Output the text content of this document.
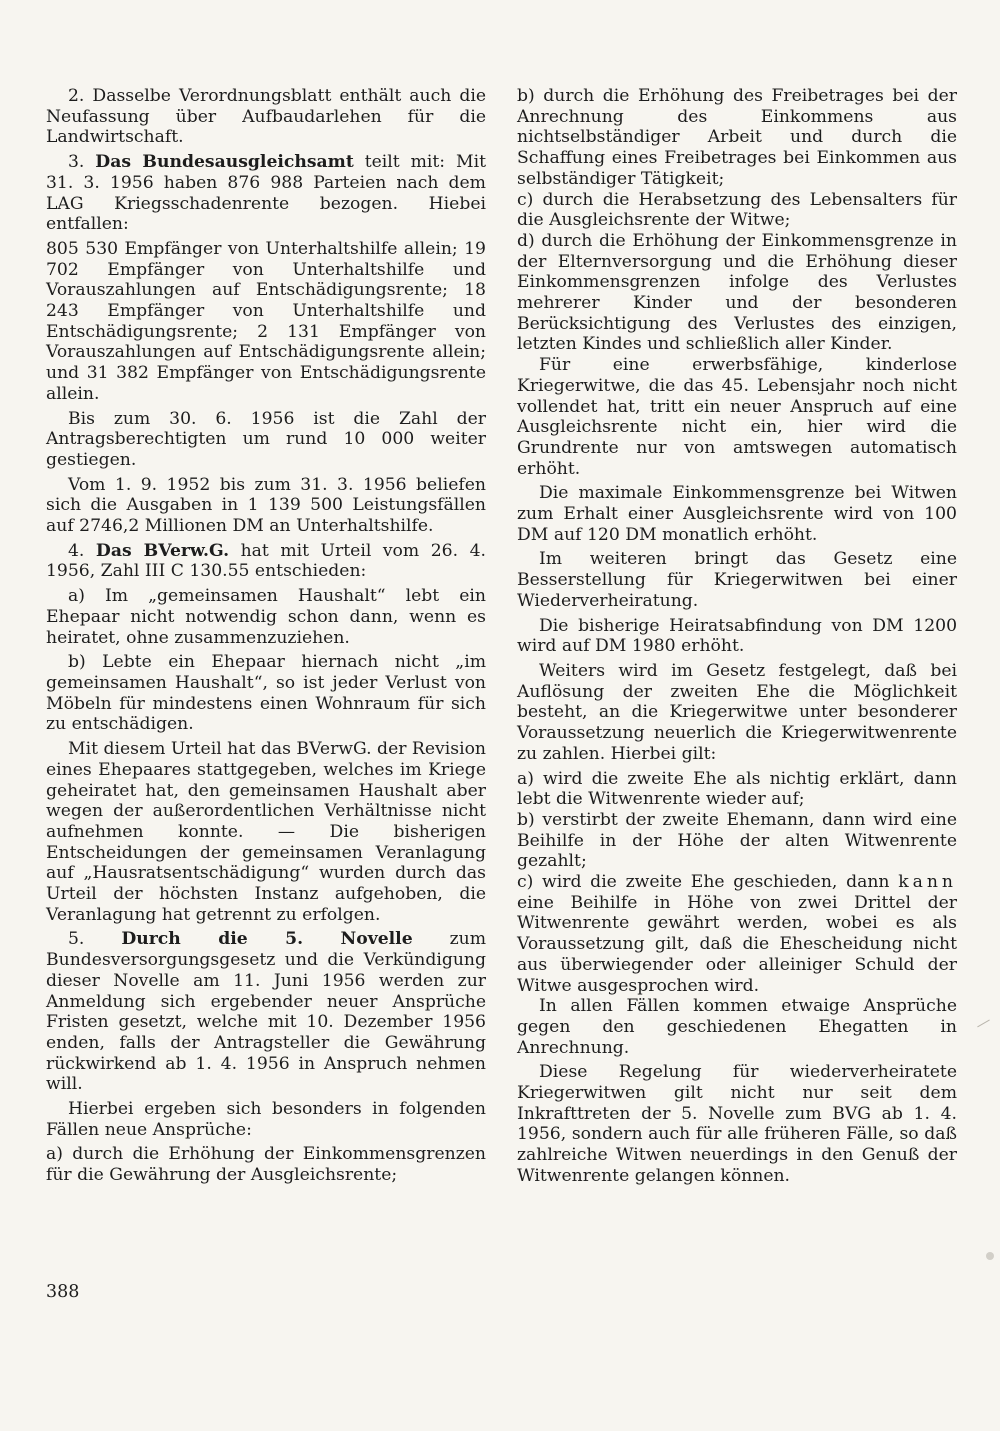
2. Dasselbe Verordnungsblatt enthält auch die Neufassung über Aufbaudarlehen für die Landwirtschaft.

3. Das Bundesausgleichsamt teilt mit: Mit 31. 3. 1956 haben 876 988 Parteien nach dem LAG Kriegsschadenrente bezogen. Hiebei entfallen:

805 530 Empfänger von Unterhaltshilfe allein; 19 702 Empfänger von Unterhaltshilfe und Vorauszahlungen auf Entschädigungsrente; 18 243 Empfänger von Unterhaltshilfe und Entschädigungsrente; 2 131 Empfänger von Vorauszahlungen auf Entschädigungsrente allein; und 31 382 Empfänger von Entschädigungsrente allein.

Bis zum 30. 6. 1956 ist die Zahl der Antragsberechtigten um rund 10 000 weiter gestiegen.

Vom 1. 9. 1952 bis zum 31. 3. 1956 beliefen sich die Ausgaben in 1 139 500 Leistungsfällen auf 2746,2 Millionen DM an Unterhaltshilfe.

4. Das BVerw.G. hat mit Urteil vom 26. 4. 1956, Zahl III C 130.55 entschieden:

a) Im „gemeinsamen Haushalt“ lebt ein Ehepaar nicht notwendig schon dann, wenn es heiratet, ohne zusammenzuziehen.

b) Lebte ein Ehepaar hiernach nicht „im gemeinsamen Haushalt“, so ist jeder Verlust von Möbeln für mindestens einen Wohnraum für sich zu entschädigen.

Mit diesem Urteil hat das BVerwG. der Revision eines Ehepaares stattgegeben, welches im Kriege geheiratet hat, den gemeinsamen Haushalt aber wegen der außerordentlichen Verhältnisse nicht aufnehmen konnte. — Die bisherigen Entscheidungen der gemeinsamen Veranlagung auf „Hausratsentschädigung“ wurden durch das Urteil der höchsten Instanz aufgehoben, die Veranlagung hat getrennt zu erfolgen.

5. Durch die 5. Novelle zum Bundesversorgungsgesetz und die Verkündigung dieser Novelle am 11. Juni 1956 werden zur Anmeldung sich ergebender neuer Ansprüche Fristen gesetzt, welche mit 10. Dezember 1956 enden, falls der Antragsteller die Gewährung rückwirkend ab 1. 4. 1956 in Anspruch nehmen will.

Hierbei ergeben sich besonders in folgenden Fällen neue Ansprüche:

a) durch die Erhöhung der Einkommensgrenzen für die Gewährung der Ausgleichsrente;

b) durch die Erhöhung des Freibetrages bei der Anrechnung des Einkommens aus nichtselbständiger Arbeit und durch die Schaffung eines Freibetrages bei Einkommen aus selbständiger Tätigkeit;

c) durch die Herabsetzung des Lebensalters für die Ausgleichsrente der Witwe;

d) durch die Erhöhung der Einkommensgrenze in der Elternversorgung und die Erhöhung dieser Einkommensgrenzen infolge des Verlustes mehrerer Kinder und der besonderen Berücksichtigung des Verlustes des einzigen, letzten Kindes und schließlich aller Kinder.

Für eine erwerbsfähige, kinderlose Kriegerwitwe, die das 45. Lebensjahr noch nicht vollendet hat, tritt ein neuer Anspruch auf eine Ausgleichsrente nicht ein, hier wird die Grundrente nur von amtswegen automatisch erhöht.

Die maximale Einkommensgrenze bei Witwen zum Erhalt einer Ausgleichsrente wird von 100 DM auf 120 DM monatlich erhöht.

Im weiteren bringt das Gesetz eine Besserstellung für Kriegerwitwen bei einer Wiederverheiratung.

Die bisherige Heiratsabfindung von DM 1200 wird auf DM 1980 erhöht.

Weiters wird im Gesetz festgelegt, daß bei Auflösung der zweiten Ehe die Möglichkeit besteht, an die Kriegerwitwe unter besonderer Voraussetzung neuerlich die Kriegerwitwenrente zu zahlen. Hierbei gilt:

a) wird die zweite Ehe als nichtig erklärt, dann lebt die Witwenrente wieder auf;

b) verstirbt der zweite Ehemann, dann wird eine Beihilfe in der Höhe der alten Witwenrente gezahlt;

c) wird die zweite Ehe geschieden, dann kann eine Beihilfe in Höhe von zwei Drittel der Witwenrente gewährt werden, wobei es als Voraussetzung gilt, daß die Ehescheidung nicht aus überwiegender oder alleiniger Schuld der Witwe ausgesprochen wird.

In allen Fällen kommen etwaige Ansprüche gegen den geschiedenen Ehegatten in Anrechnung.

Diese Regelung für wiederverheiratete Kriegerwitwen gilt nicht nur seit dem Inkrafttreten der 5. Novelle zum BVG ab 1. 4. 1956, sondern auch für alle früheren Fälle, so daß zahlreiche Witwen neuerdings in den Genuß der Witwenrente gelangen können.

388
